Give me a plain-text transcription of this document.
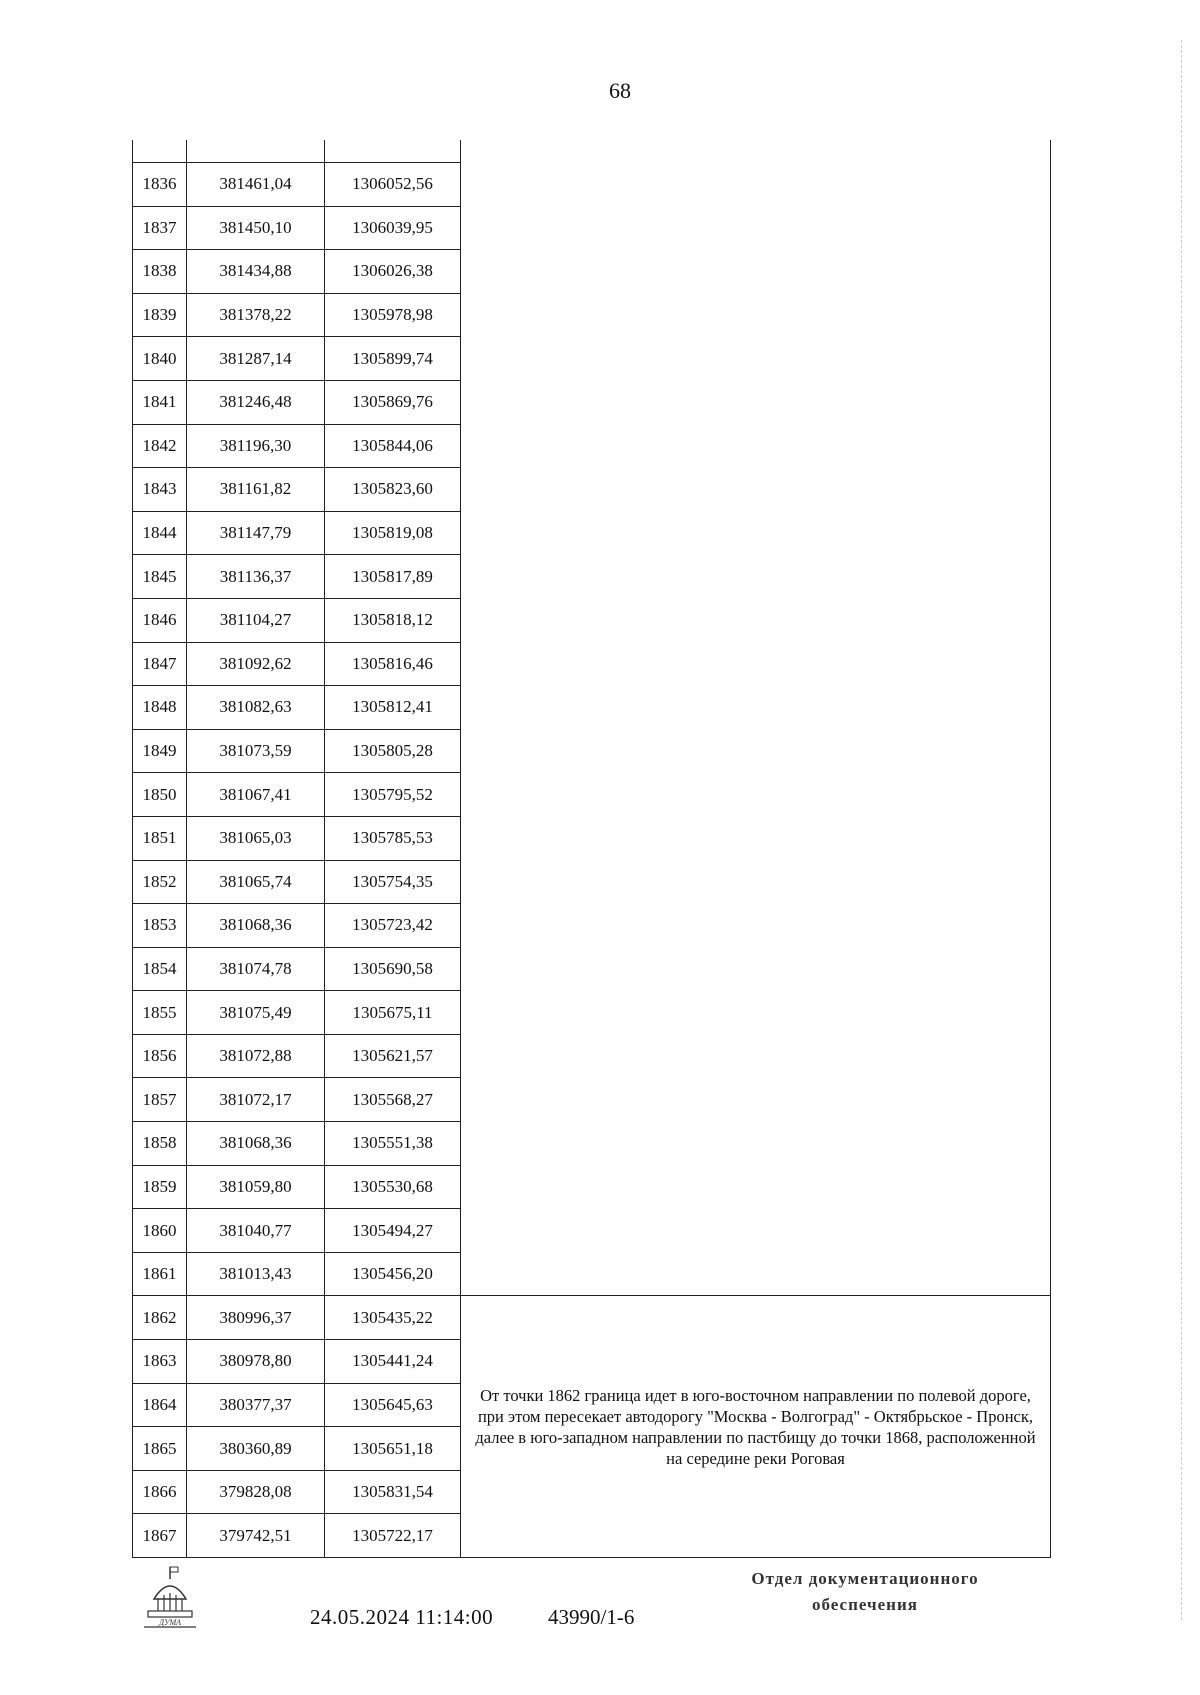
68

1836	381461,04	1306052,56	
1837	381450,10	1306039,95	
1838	381434,88	1306026,38	
1839	381378,22	1305978,98	
1840	381287,14	1305899,74	
1841	381246,48	1305869,76	
1842	381196,30	1305844,06	
1843	381161,82	1305823,60	
1844	381147,79	1305819,08	
1845	381136,37	1305817,89	
1846	381104,27	1305818,12	
1847	381092,62	1305816,46	
1848	381082,63	1305812,41	
1849	381073,59	1305805,28	
1850	381067,41	1305795,52	
1851	381065,03	1305785,53	
1852	381065,74	1305754,35	
1853	381068,36	1305723,42	
1854	381074,78	1305690,58	
1855	381075,49	1305675,11	
1856	381072,88	1305621,57	
1857	381072,17	1305568,27	
1858	381068,36	1305551,38	
1859	381059,80	1305530,68	
1860	381040,77	1305494,27	
1861	381013,43	1305456,20	
1862	380996,37	1305435,22	От точки 1862 граница идет в юго-восточном направлении по полевой дороге, при этом пересекает автодорогу "Москва - Волгоград" - Октябрьское - Пронск, далее в юго-западном направлении по пастбищу до точки 1868, расположенной на середине реки Роговая
1863	380978,80	1305441,24	
1864	380377,37	1305645,63	
1865	380360,89	1305651,18	
1866	379828,08	1305831,54	
1867	379742,51	1305722,17	
ДУМА	24.05.2024 11:14:00	43990/1-6
Отдел документационного
обеспечения
